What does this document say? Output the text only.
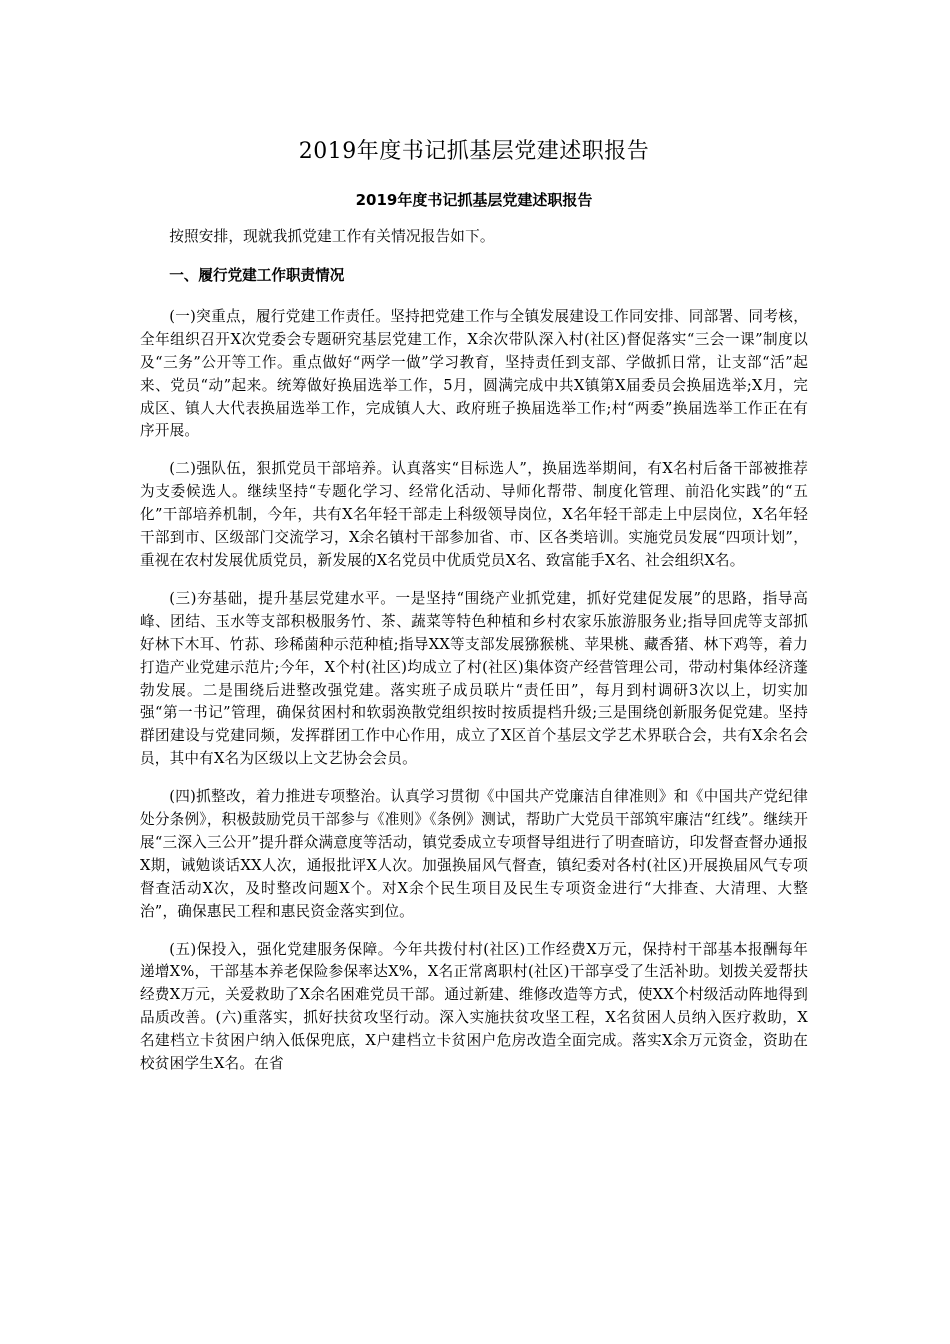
2019年度书记抓基层党建述职报告
2019年度书记抓基层党建述职报告

按照安排，现就我抓党建工作有关情况报告如下。

一、履行党建工作职责情况

(一)突重点，履行党建工作责任。坚持把党建工作与全镇发展建设工作同安排、同部署、同考核，全年组织召开X次党委会专题研究基层党建工作，X余次带队深入村(社区)督促落实“三会一课”制度以及“三务”公开等工作。重点做好“两学一做”学习教育，坚持责任到支部、学做抓日常，让支部“活”起来、党员“动”起来。统筹做好换届选举工作，5月，圆满完成中共X镇第X届委员会换届选举;X月，完成区、镇人大代表换届选举工作，完成镇人大、政府班子换届选举工作;村“两委”换届选举工作正在有序开展。

(二)强队伍，狠抓党员干部培养。认真落实“目标选人”，换届选举期间，有X名村后备干部被推荐为支委候选人。继续坚持“专题化学习、经常化活动、导师化帮带、制度化管理、前沿化实践”的“五化”干部培养机制，今年，共有X名年轻干部走上科级领导岗位，X名年轻干部走上中层岗位，X名年轻干部到市、区级部门交流学习，X余名镇村干部参加省、市、区各类培训。实施党员发展“四项计划”，重视在农村发展优质党员，新发展的X名党员中优质党员X名、致富能手X名、社会组织X名。

(三)夯基础，提升基层党建水平。一是坚持“围绕产业抓党建，抓好党建促发展”的思路，指导高峰、团结、玉水等支部积极服务竹、茶、蔬菜等特色种植和乡村农家乐旅游服务业;指导回虎等支部抓好林下木耳、竹荪、珍稀菌种示范种植;指导XX等支部发展猕猴桃、苹果桃、藏香猪、林下鸡等，着力打造产业党建示范片;今年，X个村(社区)均成立了村(社区)集体资产经营管理公司，带动村集体经济蓬勃发展。二是围绕后进整改强党建。落实班子成员联片“责任田”，每月到村调研3次以上，切实加强“第一书记”管理，确保贫困村和软弱涣散党组织按时按质提档升级;三是围绕创新服务促党建。坚持群团建设与党建同频，发挥群团工作中心作用，成立了X区首个基层文学艺术界联合会，共有X余名会员，其中有X名为区级以上文艺协会会员。

(四)抓整改，着力推进专项整治。认真学习贯彻《中国共产党廉洁自律准则》和《中国共产党纪律处分条例》，积极鼓励党员干部参与《准则》《条例》测试，帮助广大党员干部筑牢廉洁“红线”。继续开展“三深入三公开”提升群众满意度等活动，镇党委成立专项督导组进行了明查暗访，印发督查督办通报X期，诫勉谈话XX人次，通报批评X人次。加强换届风气督查，镇纪委对各村(社区)开展换届风气专项督查活动X次，及时整改问题X个。对X余个民生项目及民生专项资金进行“大排查、大清理、大整治”，确保惠民工程和惠民资金落实到位。

(五)保投入，强化党建服务保障。今年共拨付村(社区)工作经费X万元，保持村干部基本报酬每年递增X%，干部基本养老保险参保率达X%，X名正常离职村(社区)干部享受了生活补助。划拨关爱帮扶经费X万元，关爱救助了X余名困难党员干部。通过新建、维修改造等方式，使XX个村级活动阵地得到品质改善。(六)重落实，抓好扶贫攻坚行动。深入实施扶贫攻坚工程，X名贫困人员纳入医疗救助，X名建档立卡贫困户纳入低保兜底，X户建档立卡贫困户危房改造全面完成。落实X余万元资金，资助在校贫困学生X名。在省
